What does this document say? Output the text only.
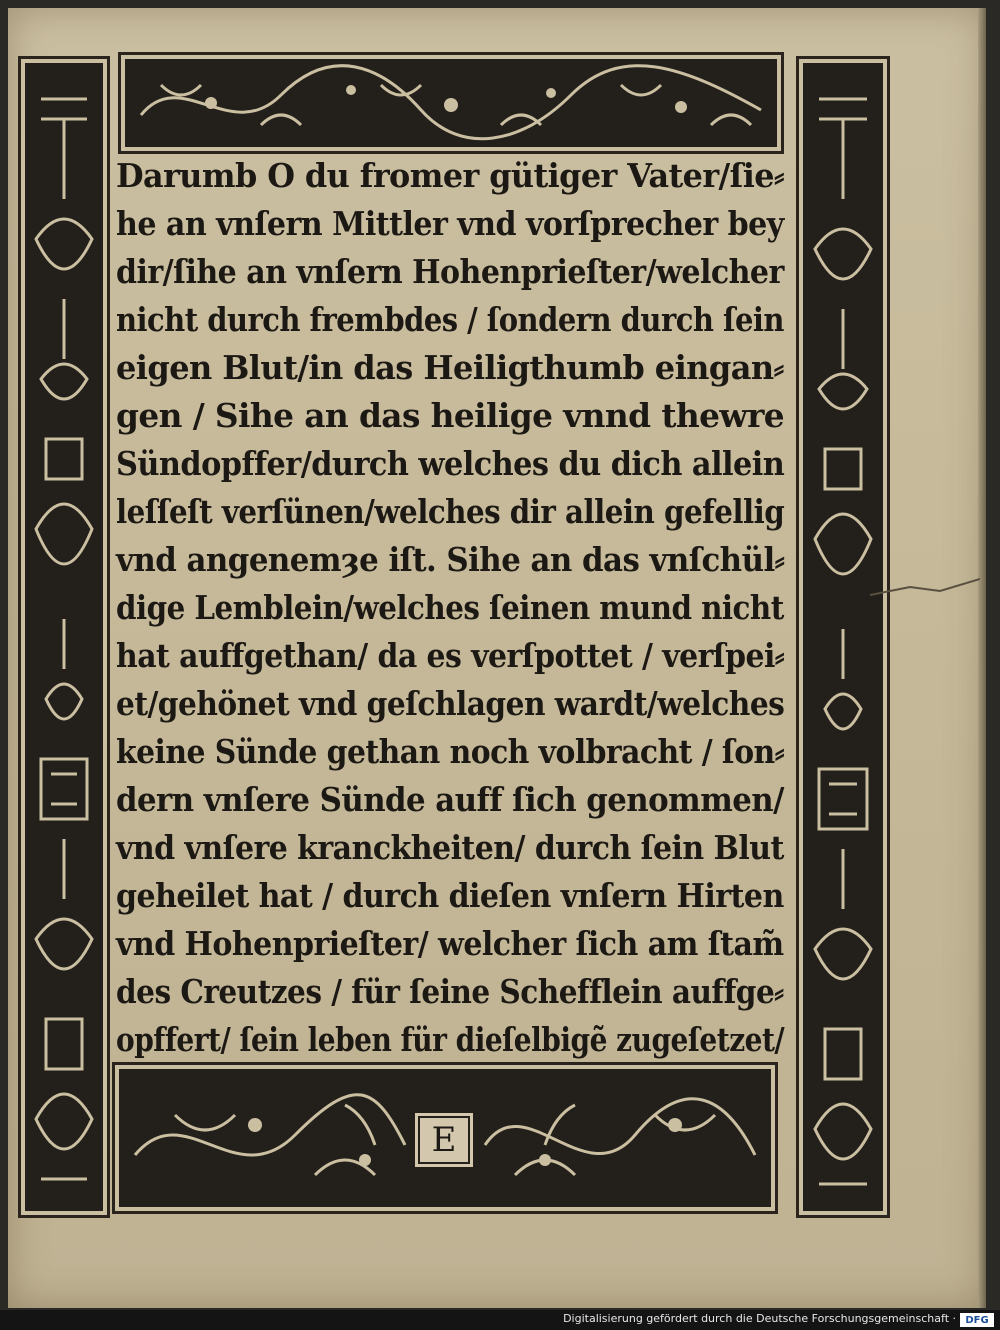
E
Darumb O du fromer gütiger Vater/ſie⸗
he an vnſern Mittler vnd vorſprecher bey
dir/ſihe an vnſern Hohenprieſter/welcher
nicht durch frembdes / ſondern durch ſein
eigen Blut/in das Heiligthumb eingan⸗
gen / Sihe an das heilige vnnd thewre
Sündopffer/durch welches du dich allein
leſſeſt verſünen/welches dir allein gefellig
vnd angenemȝe iſt. Sihe an das vnſchül⸗
dige Lemblein/welches ſeinen mund nicht
hat auffgethan/ da es verſpottet / verſpei⸗
et/gehönet vnd geſchlagen wardt/welches
keine Sünde gethan noch volbracht / ſon⸗
dern vnſere Sünde auff ſich genommen/
vnd vnſere kranckheiten/ durch ſein Blut
geheilet hat / durch dieſen vnſern Hirten
vnd Hohenprieſter/ welcher ſich am ſtam̃
des Creutzes / für ſeine Schefflein auffge⸗
opffert/ ſein leben für dieſelbigẽ zugeſetzet/
Digitalisierung gefördert durch die Deutsche Forschungsgemeinschaft · DFG
